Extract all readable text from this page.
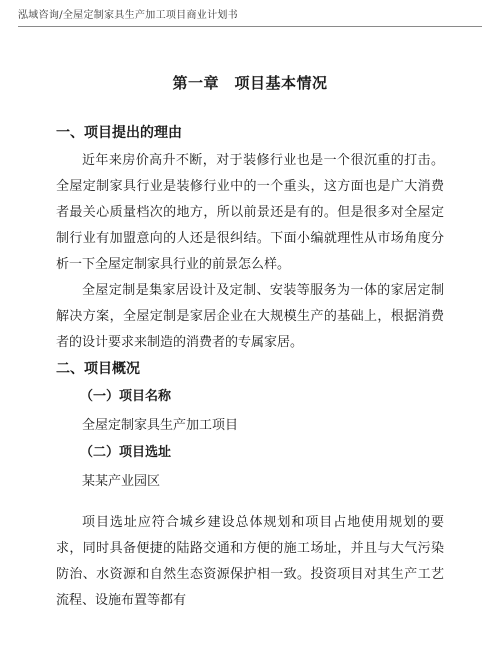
泓域咨询/全屋定制家具生产加工项目商业计划书
第一章　项目基本情况
一、项目提出的理由

近年来房价高升不断，对于装修行业也是一个很沉重的打击。全屋定制家具行业是装修行业中的一个重头，这方面也是广大消费者最关心质量档次的地方，所以前景还是有的。但是很多对全屋定制行业有加盟意向的人还是很纠结。下面小编就理性从市场角度分析一下全屋定制家具行业的前景怎么样。

全屋定制是集家居设计及定制、安装等服务为一体的家居定制解决方案，全屋定制是家居企业在大规模生产的基础上，根据消费者的设计要求来制造的消费者的专属家居。

二、项目概况
（一）项目名称
全屋定制家具生产加工项目
（二）项目选址
某某产业园区

项目选址应符合城乡建设总体规划和项目占地使用规划的要求，同时具备便捷的陆路交通和方便的施工场址，并且与大气污染防治、水资源和自然生态资源保护相一致。投资项目对其生产工艺流程、设施布置等都有
